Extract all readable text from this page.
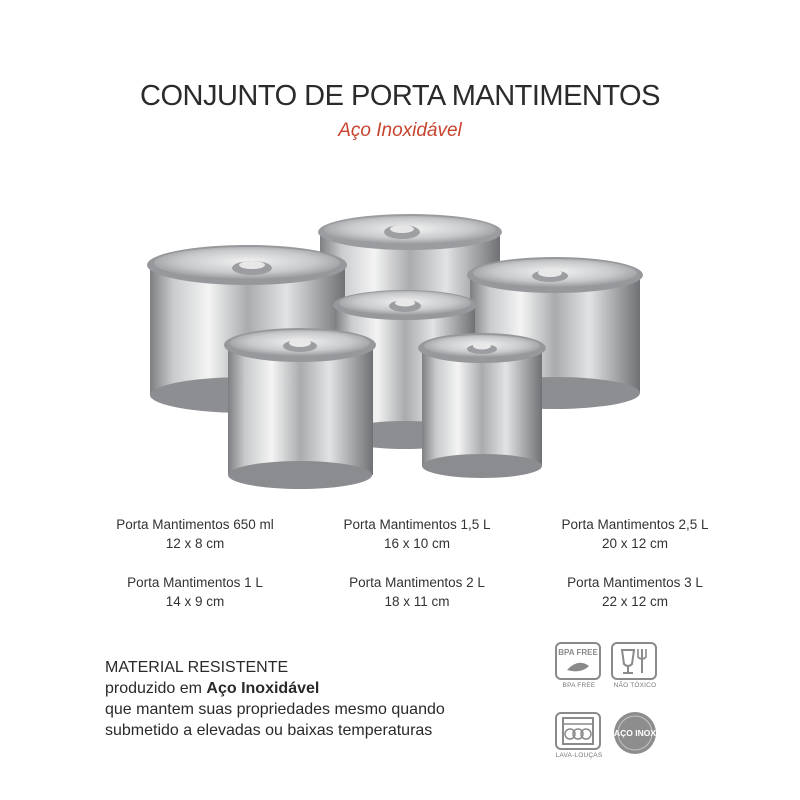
CONJUNTO DE PORTA MANTIMENTOS
Aço Inoxidável
Porta Mantimentos 650 ml
12 x 8 cm
Porta Mantimentos 1,5 L
16 x 10 cm
Porta Mantimentos 2,5 L
20 x 12 cm
Porta Mantimentos 1 L
14 x 9 cm
Porta Mantimentos 2 L
18 x 11 cm
Porta Mantimentos 3 L
22 x 12 cm
MATERIAL RESISTENTE
produzido em Aço Inoxidável
que mantem suas propriedades mesmo quando
submetido a elevadas ou baixas temperaturas
BPA FREE
BPA FREE	NÃO TÓXICO
LAVA-LOUÇAS
AÇO INOX
